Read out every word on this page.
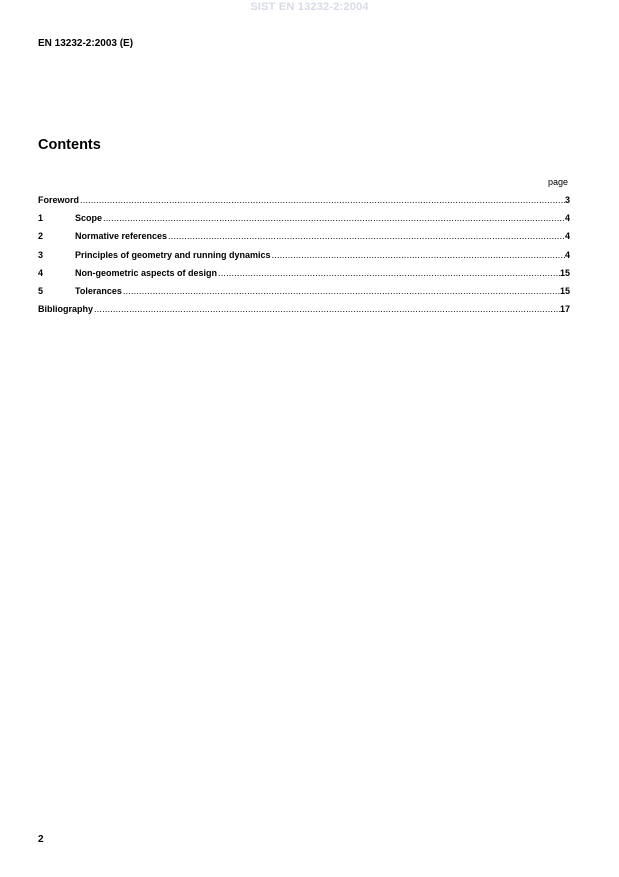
SIST EN 13232-2:2004
EN 13232-2:2003 (E)
Contents
page
Foreword .....	3
1	Scope .....	4
2	Normative references .....	4
3	Principles of geometry and running dynamics .....	4
4	Non-geometric aspects of design .....	15
5	Tolerances .....	15
Bibliography .....	17
2
